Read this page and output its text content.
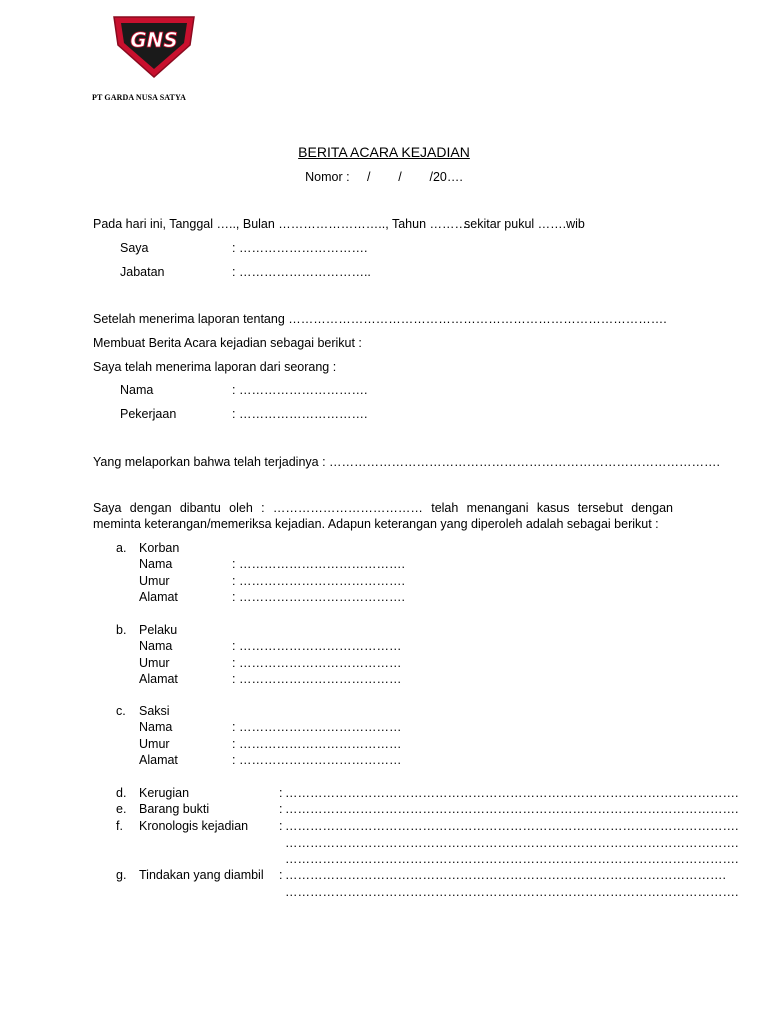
GNS
PT GARDA NUSA SATYA
BERITA ACARA KEJADIAN
Nomor :     /        /        /20….
Pada hari ini, Tanggal ….., Bulan …………………….., Tahun ……….
sekitar pukul …….wib
Saya	: ………………………….
Jabatan	: …………………………..
Setelah menerima laporan tentang ……………………………………………………………………………….
Membuat Berita Acara kejadian sebagai berikut :
Saya telah menerima laporan dari seorang :
Nama	: ………………………….
Pekerjaan	: ………………………….
Yang melaporkan bahwa telah terjadinya : ………………………………………………………………………………….
Saya dengan dibantu oleh : ……………………………… telah menangani kasus tersebut dengan meminta keterangan/memeriksa kejadian. Adapun keterangan yang diperoleh adalah sebagai berikut :
a. Korban
Nama	: ………………………………….
Umur	: ………………………………….
Alamat	: ………………………………….
b. Pelaku
Nama	: …………………………………
Umur	: …………………………………
Alamat	: …………………………………
c. Saksi
Nama	: …………………………………
Umur	: …………………………………
Alamat	: …………………………………
d. Kerugian	: ……………………………………………………………………………………………….
e. Barang bukti	: ……………………………………………………………………………………………….
f. Kronologis kejadian : ……………………………………………………………………………………………….
……………………………………………………………………………………………….
……………………………………………………………………………………………….
g. Tindakan yang diambil : …………………………………………………………………………………………….
……………………………………………………………………………………………….
